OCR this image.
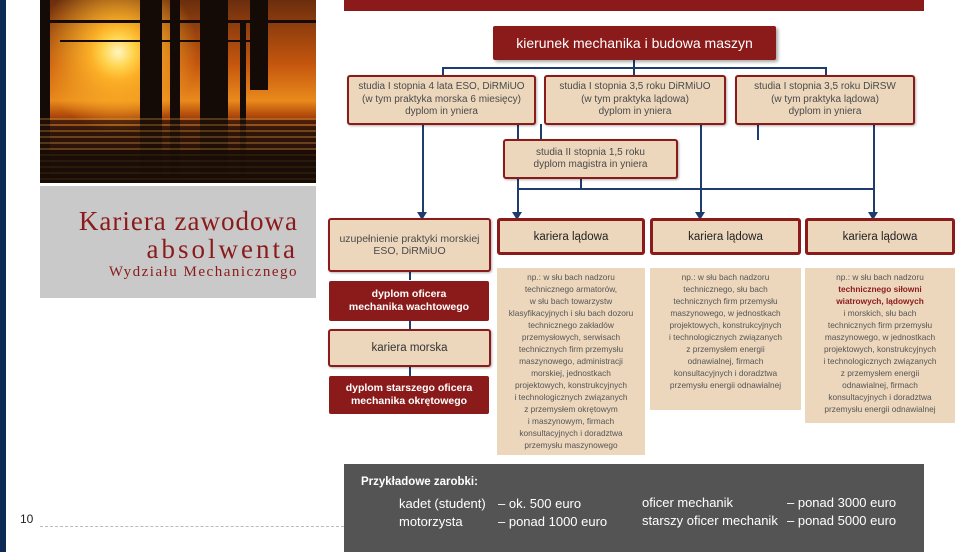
Kariera zawodowa
absolwenta
Wydziału Mechanicznego
kierunek mechanika i budowa maszyn
studia I stopnia 4 lata ESO, DiRMiUO
(w tym praktyka morska 6 miesięcy)
dyplom in yniera
studia I stopnia 3,5 roku DiRMiUO
(w tym praktyka lądowa)
dyplom in yniera
studia I stopnia 3,5 roku DiRSW
(w tym praktyka lądowa)
dyplom in yniera
studia II stopnia 1,5 roku
dyplom magistra in yniera
uzupełnienie praktyki morskiej
ESO, DiRMiUO
dyplom oficera
mechanika wachtowego
kariera morska
dyplom starszego oficera
mechanika okrętowego
kariera lądowa	kariera lądowa	kariera lądowa
np.: w słu bach nadzoru
technicznego armatorów,
w słu bach towarzystw
klasyfikacyjnych i słu bach dozoru
technicznego zakładów
przemysłowych, serwisach
technicznych firm przemysłu
maszynowego, administracji
morskiej, jednostkach
projektowych, konstrukcyjnych
i technologicznych związanych
z przemysłem okrętowym
i maszynowym, firmach
konsultacyjnych i doradztwa
przemysłu maszynowego
np.: w słu bach nadzoru
technicznego, słu bach
technicznych firm przemysłu
maszynowego, w jednostkach
projektowych, konstrukcyjnych
i technologicznych związanych
z przemysłem energii
odnawialnej, firmach
konsultacyjnych i doradztwa
przemysłu energii odnawialnej
np.: w słu bach nadzoru
technicznego siłowni
wiatrowych, lądowych
i morskich, słu bach
technicznych firm przemysłu
maszynowego, w jednostkach
projektowych, konstrukcyjnych
i technologicznych związanych
z przemysłem energii
odnawialnej, firmach
konsultacyjnych i doradztwa
przemysłu energii odnawialnej
Przykładowe zarobki:
kadet (student) – ok. 500 euro
motorzysta	– ponad 1000 euro
oficer mechanik	– ponad 3000 euro
starszy oficer mechanik – ponad 5000 euro
10
